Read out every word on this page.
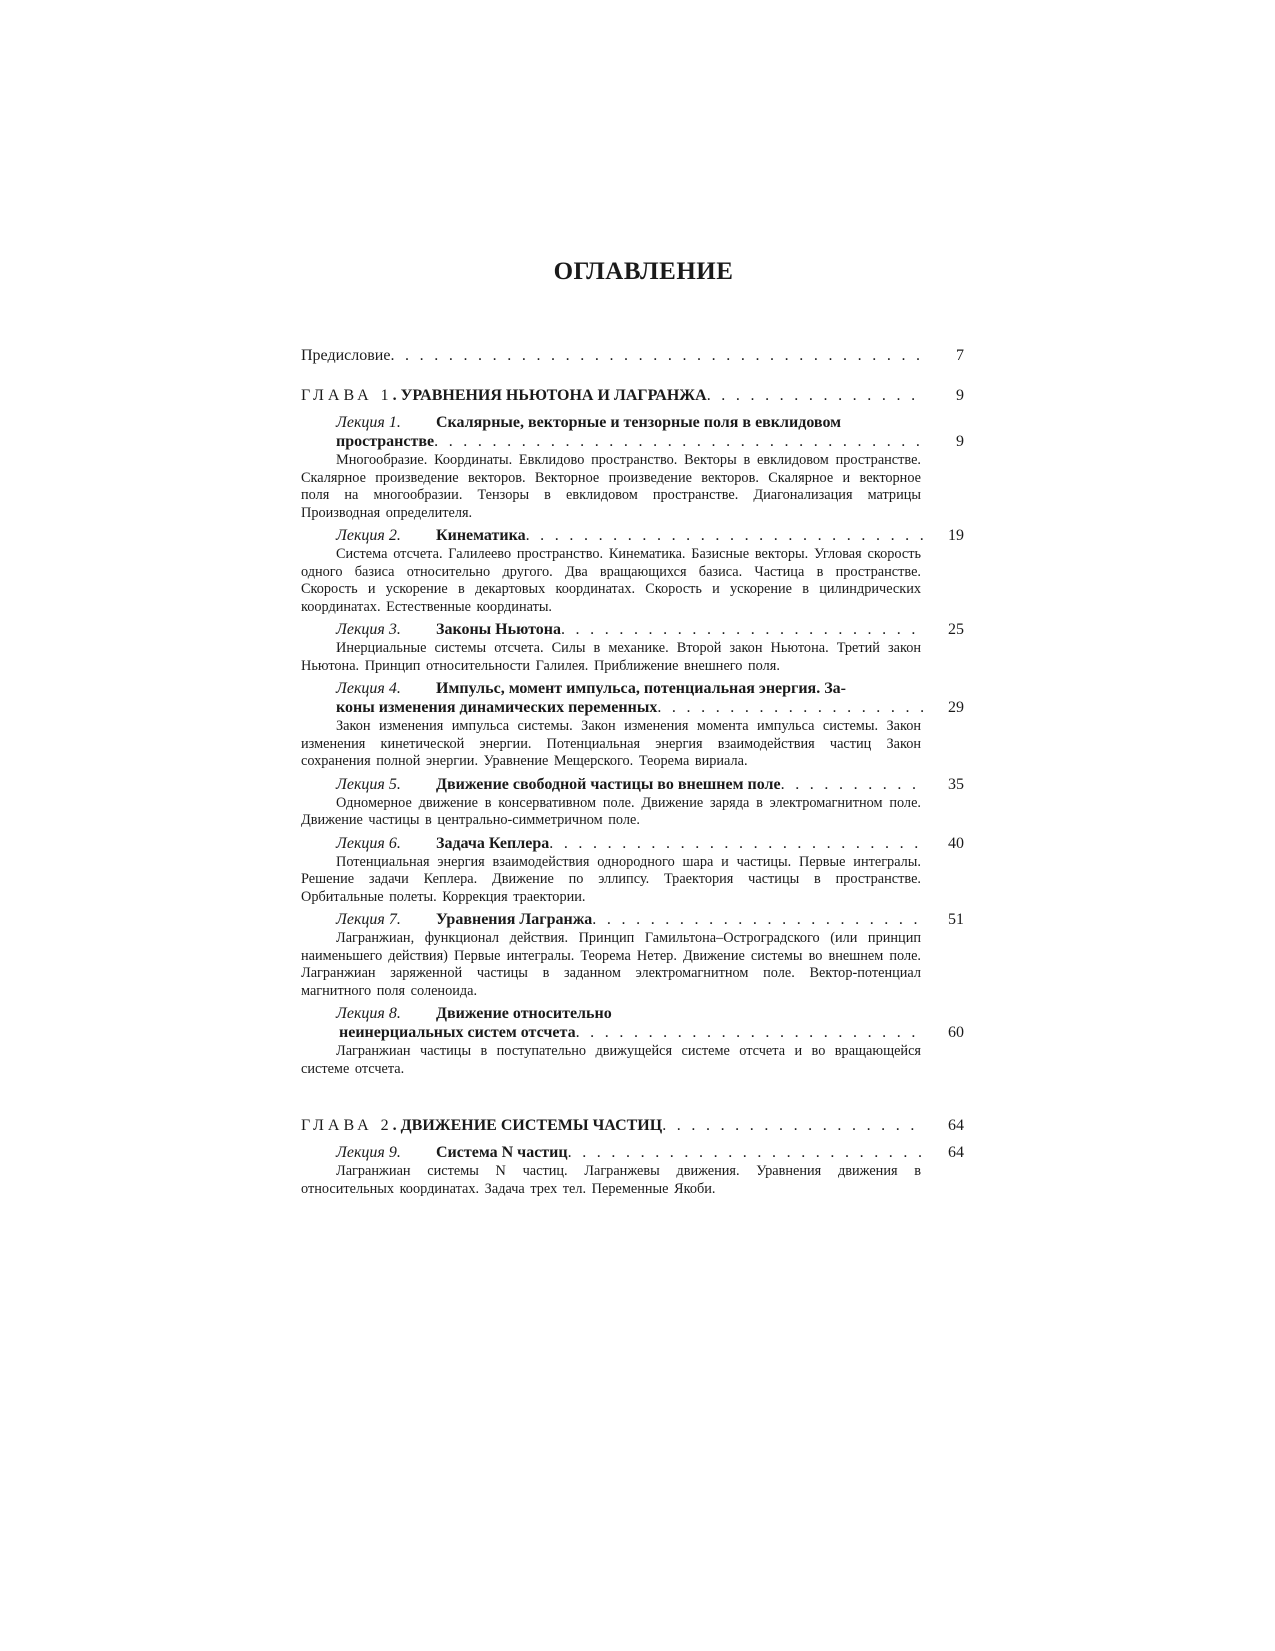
ОГЛАВЛЕНИЕ
Предисловие . . .	7
ГЛАВА 1. УРАВНЕНИЯ НЬЮТОНА И ЛАГРАНЖА . . .	9
Лекция 1. Скалярные, векторные и тензорные поля в евклидовом
пространстве . . .	9
Многообразие. Координаты. Евклидово пространство. Векторы в евклидовом пространстве. Скалярное произведение векторов. Векторное произведение векторов. Скалярное и векторное поля на многообразии. Тензоры в евклидовом пространстве. Диагонализация матрицы Производная определителя.
Лекция 2. Кинематика . . .	19
Система отсчета. Галилеево пространство. Кинематика. Базисные векторы. Угловая скорость одного базиса относительно другого. Два вращающихся базиса. Частица в пространстве. Скорость и ускорение в декартовых координатах. Скорость и ускорение в цилиндрических координатах. Естественные координаты.
Лекция 3. Законы Ньютона . . .	25
Инерциальные системы отсчета. Силы в механике. Второй закон Ньютона. Третий закон Ньютона. Принцип относительности Галилея. Приближение внешнего поля.
Лекция 4. Импульс, момент импульса, потенциальная энергия. За-
коны изменения динамических переменных . . .	29
Закон изменения импульса системы. Закон изменения момента импульса системы. Закон изменения кинетической энергии. Потенциальная энергия взаимодействия частиц Закон сохранения полной энергии. Уравнение Мещерского. Теорема вириала.
Лекция 5. Движение свободной частицы во внешнем поле . . .	35
Одномерное движение в консервативном поле. Движение заряда в электромагнитном поле. Движение частицы в центрально-симметричном поле.
Лекция 6. Задача Кеплера . . .	40
Потенциальная энергия взаимодействия однородного шара и частицы. Первые интегралы. Решение задачи Кеплера. Движение по эллипсу. Траектория частицы в пространстве. Орбитальные полеты. Коррекция траектории.
Лекция 7. Уравнения Лагранжа . . .	51
Лагранжиан, функционал действия. Принцип Гамильтона–Остроградского (или принцип наименьшего действия) Первые интегралы. Теорема Нетер. Движение системы во внешнем поле. Лагранжиан заряженной частицы в заданном электромагнитном поле. Вектор-потенциал магнитного поля соленоида.
Лекция 8. Движение относительно
неинерциальных систем отсчета . . .	60
Лагранжиан частицы в поступательно движущейся системе отсчета и во вращающейся системе отсчета.
ГЛАВА 2. ДВИЖЕНИЕ СИСТЕМЫ ЧАСТИЦ . . .	64
Лекция 9. Система N частиц . . .	64
Лагранжиан системы N частиц. Лагранжевы движения. Уравнения движения в относительных координатах. Задача трех тел. Переменные Якоби.
